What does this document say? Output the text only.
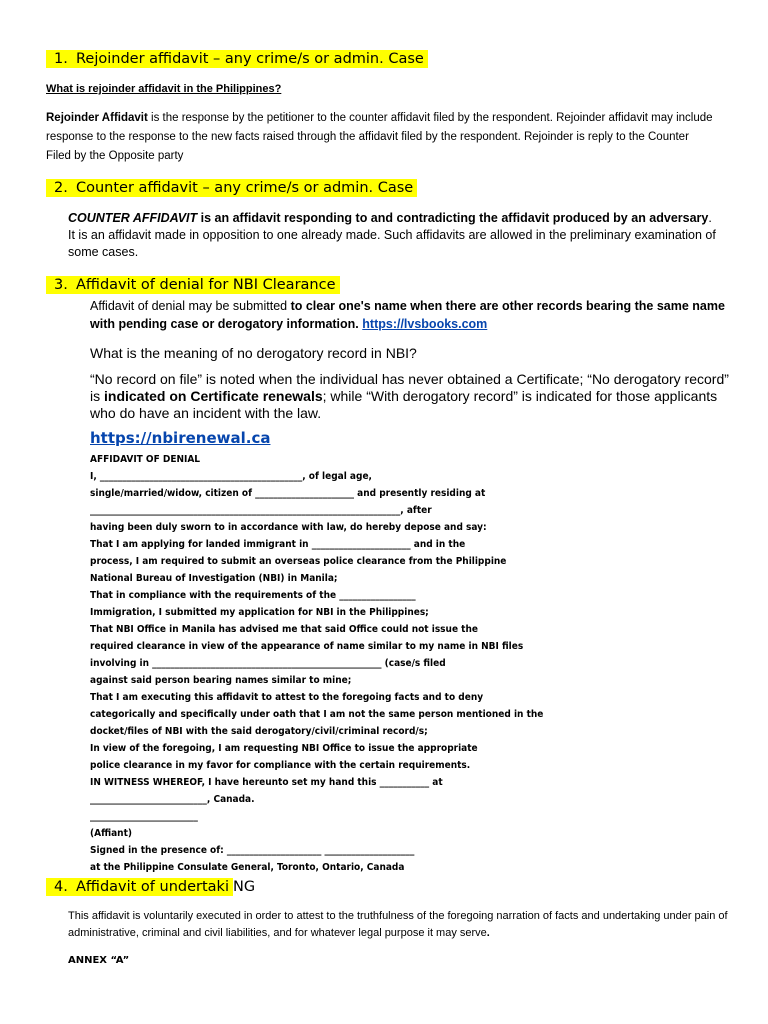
1. Rejoinder affidavit – any crime/s or admin. Case
What is rejoinder affidavit in the Philippines?
Rejoinder Affidavit is the response by the petitioner to the counter affidavit filed by the respondent. Rejoinder affidavit may include response to the response to the new facts raised through the affidavit filed by the respondent. Rejoinder is reply to the Counter Filed by the Opposite party
2. Counter affidavit – any crime/s or admin. Case
COUNTER AFFIDAVIT is an affidavit responding to and contradicting the affidavit produced by an adversary. It is an affidavit made in opposition to one already made. Such affidavits are allowed in the preliminary examination of some cases.
3. Affidavit of denial for NBI Clearance
Affidavit of denial may be submitted to clear one's name when there are other records bearing the same name with pending case or derogatory information. https://lvsbooks.com
What is the meaning of no derogatory record in NBI?
“No record on file” is noted when the individual has never obtained a Certificate; “No derogatory record” is indicated on Certificate renewals; while “With derogatory record” is indicated for those applicants who do have an incident with the law.
https://nbirenewal.ca
AFFIDAVIT OF DENIAL
I, _____________________________________________, of legal age,
single/married/widow, citizen of ______________________ and presently residing at
_____________________________________________________________________, after
having been duly sworn to in accordance with law, do hereby depose and say:
That I am applying for landed immigrant in ______________________ and in the
process, I am required to submit an overseas police clearance from the Philippine
National Bureau of Investigation (NBI) in Manila;
That in compliance with the requirements of the _________________
Immigration, I submitted my application for NBI in the Philippines;
That NBI Office in Manila has advised me that said Office could not issue the
required clearance in view of the appearance of name similar to my name in NBI files
involving in ___________________________________________________ (case/s filed
against said person bearing names similar to mine;
That I am executing this affidavit to attest to the foregoing facts and to deny
categorically and specifically under oath that I am not the same person mentioned in the
docket/files of NBI with the said derogatory/civil/criminal record/s;
In view of the foregoing, I am requesting NBI Office to issue the appropriate
police clearance in my favor for compliance with the certain requirements.
IN WITNESS WHEREOF, I have hereunto set my hand this ___________ at
__________________________, Canada.
________________________
(Affiant)
Signed in the presence of: _____________________ ____________________
at the Philippine Consulate General, Toronto, Ontario, Canada
4. Affidavit of undertaki NG
This affidavit is voluntarily executed in order to attest to the truthfulness of the foregoing narration of facts and undertaking under pain of administrative, criminal and civil liabilities, and for whatever legal purpose it may serve.
ANNEX “A”
